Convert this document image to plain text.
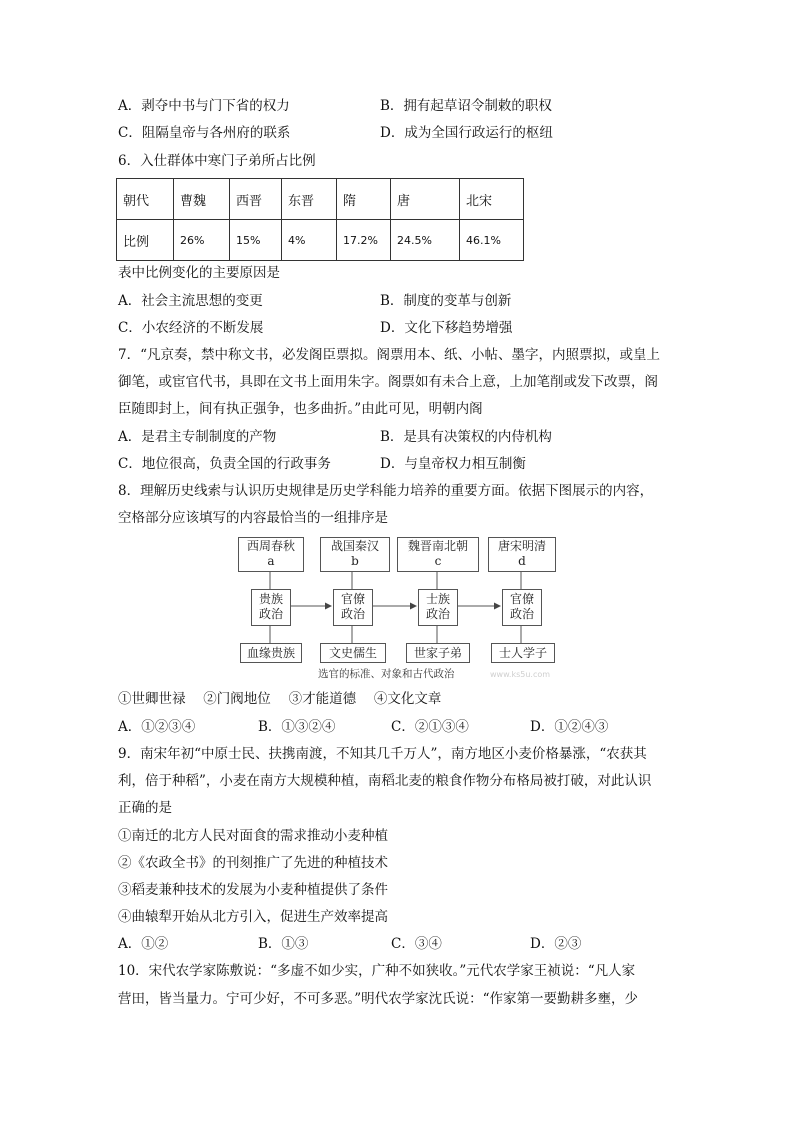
A．剥夺中书与门下省的权力	B．拥有起草诏令制敕的职权
C．阻隔皇帝与各州府的联系	D．成为全国行政运行的枢纽
6．入仕群体中寒门子弟所占比例
朝代	曹魏	西晋	东晋	隋	唐	北宋
比例	26%	15%	4%	17.2%	24.5%	46.1%
表中比例变化的主要原因是
A．社会主流思想的变更	B．制度的变革与创新
C．小农经济的不断发展	D．文化下移趋势增强
7．“凡京奏，禁中称文书，必发阁臣票拟。阁票用本、纸、小帖、墨字，内照票拟，或皇上
御笔，或宦官代书，具即在文书上面用朱字。阁票如有未合上意，上加笔削或发下改票，阁
臣随即封上，间有执正强争，也多曲折。”由此可见，明朝内阁
A．是君主专制制度的产物	B．是具有决策权的内侍机构
C．地位很高，负责全国的行政事务	D．与皇帝权力相互制衡
8．理解历史线索与认识历史规律是历史学科能力培养的重要方面。依据下图展示的内容，
空格部分应该填写的内容最恰当的一组排序是
西周春秋
a
战国秦汉
b
魏晋南北朝
c
唐宋明清
d
贵族
政治
官僚
政治
士族
政治
官僚
政治
血缘贵族	文史儒生	世家子弟	士人学子
选官的标准、对象和古代政治	www.ks5u.com
①世卿世禄　 ②门阀地位　 ③才能道德　 ④文化文章
A．①②③④	B．①③②④	C．②①③④	D．①②④③
9．南宋年初“中原士民、扶携南渡，不知其几千万人”，南方地区小麦价格暴涨，“农获其
利，倍于种稻”，小麦在南方大规模种植，南稻北麦的粮食作物分布格局被打破，对此认识
正确的是
①南迁的北方人民对面食的需求推动小麦种植
②《农政全书》的刊刻推广了先进的种植技术
③稻麦兼种技术的发展为小麦种植提供了条件
④曲辕犁开始从北方引入，促进生产效率提高
A．①②	B．①③	C．③④	D．②③
10．宋代农学家陈敷说：“多虚不如少实，广种不如狭收。”元代农学家王祯说：“凡人家
营田，皆当量力。宁可少好，不可多恶。”明代农学家沈氏说：“作家第一要勤耕多壅，少
